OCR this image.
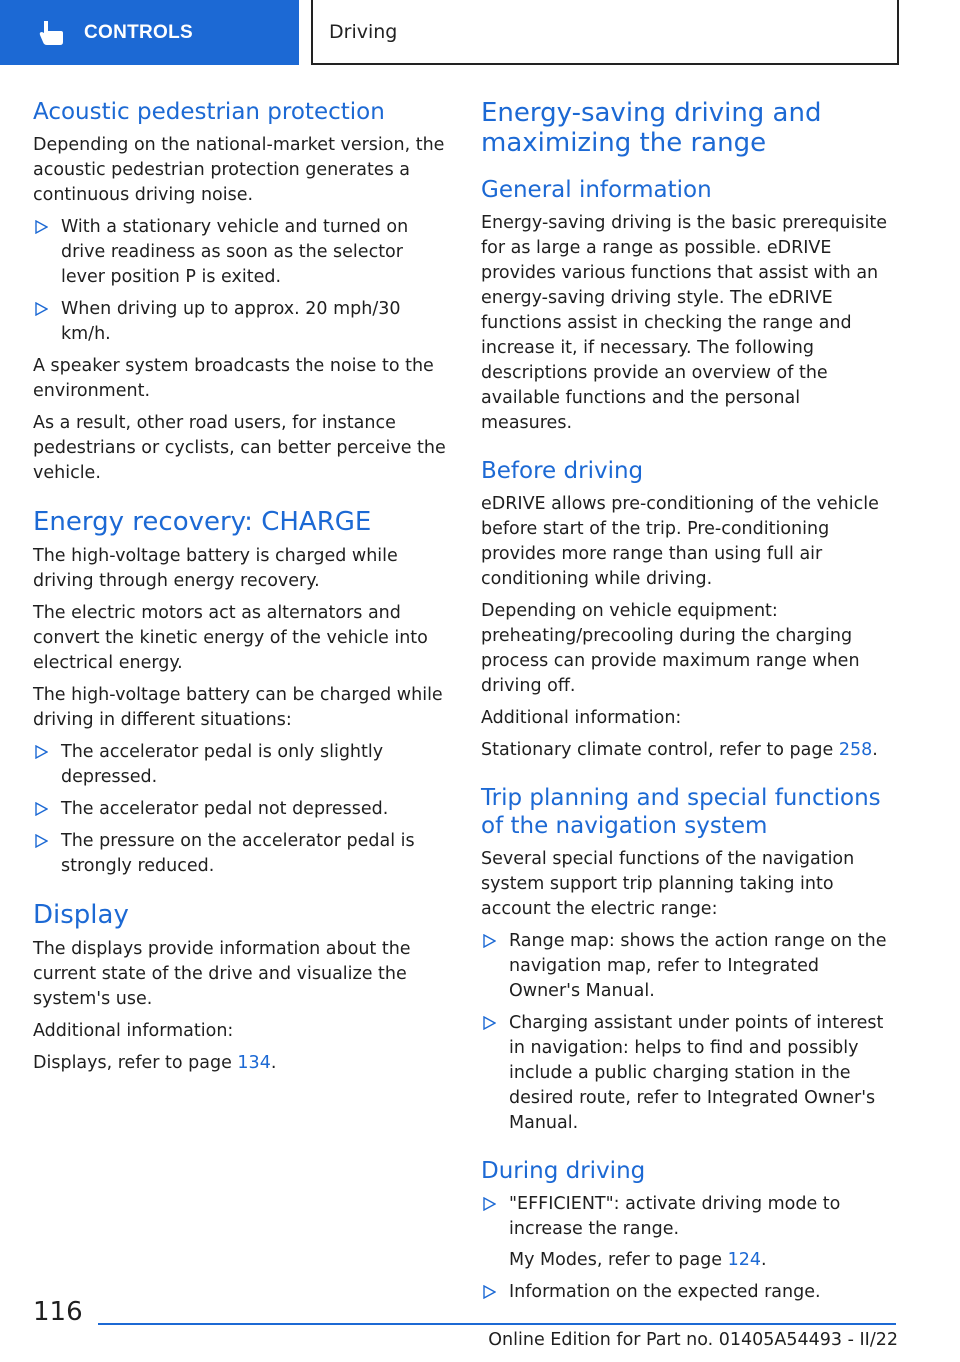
CONTROLS	Driving
Acoustic pedestrian protection

Depending on the national-market version, the acoustic pedestrian protection generates a continuous driving noise.

With a stationary vehicle and turned on drive readiness as soon as the selector lever position P is exited.
When driving up to approx. 20 mph/30 km/h.

A speaker system broadcasts the noise to the environment.

As a result, other road users, for instance pedestrians or cyclists, can better perceive the vehicle.

Energy recovery: CHARGE

The high-voltage battery is charged while driving through energy recovery.

The electric motors act as alternators and convert the kinetic energy of the vehicle into electrical energy.

The high-voltage battery can be charged while driving in different situations:

The accelerator pedal is only slightly depressed.
The accelerator pedal not depressed.
The pressure on the accelerator pedal is strongly reduced.
Display

The displays provide information about the current state of the drive and visualize the system's use.

Additional information:

Displays, refer to page 134.

Energy-saving driving and maximizing the range
General information

Energy-saving driving is the basic prerequisite for as large a range as possible. eDRIVE provides various functions that assist with an energy-saving driving style. The eDRIVE functions assist in checking the range and increase it, if necessary. The following descriptions provide an overview of the available functions and the personal measures.

Before driving

eDRIVE allows pre-conditioning of the vehicle before start of the trip. Pre-conditioning provides more range than using full air conditioning while driving.

Depending on vehicle equipment: preheating/precooling during the charging process can provide maximum range when driving off.

Additional information:

Stationary climate control, refer to page 258.

Trip planning and special functions of the navigation system

Several special functions of the navigation system support trip planning taking into account the electric range:

Range map: shows the action range on the navigation map, refer to Integrated Owner's Manual.
Charging assistant under points of interest in navigation: helps to find and possibly include a public charging station in the desired route, refer to Integrated Owner's Manual.
During driving
"EFFICIENT": activate driving mode to increase the range.

My Modes, refer to page 124.

Information on the expected range.
116
Online Edition for Part no. 01405A54493 - II/22
